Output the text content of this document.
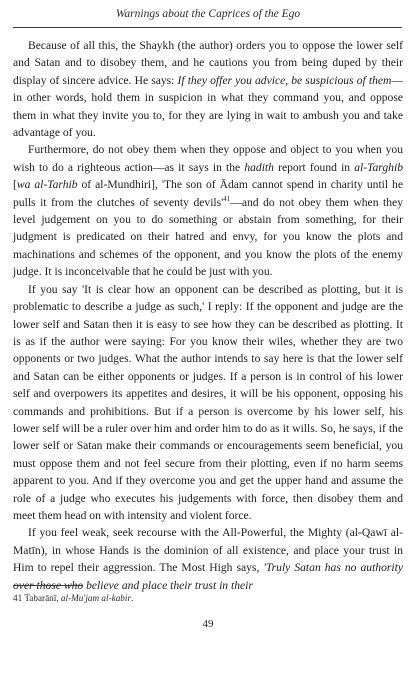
Warnings about the Caprices of the Ego

Because of all this, the Shaykh (the author) orders you to oppose the lower self and Satan and to disobey them, and he cautions you from being duped by their display of sincere advice. He says: If they offer you advice, be suspicious of them—in other words, hold them in suspicion in what they command you, and oppose them in what they invite you to, for they are lying in wait to ambush you and take advantage of you.

Furthermore, do not obey them when they oppose and object to you when you wish to do a righteous action—as it says in the hadith report found in al-Targhib [wa al-Tarhib of al-Mundhiri], 'The son of Ādam cannot spend in charity until he pulls it from the clutches of seventy $devils'^{41}—and$ do not obey them when they level judgement on you to do something or abstain from something, for their judgment is predicated on their hatred and envy, for you know the plots and machinations and schemes of the opponent, and you know the plots of the enemy judge. It is inconceivable that he could be just with you.

If you say 'It is clear how an opponent can be described as plotting, but it is problematic to describe a judge as such,' I reply: If the opponent and judge are the lower self and Satan then it is easy to see how they can be described as plotting. It is as if the author were saying: For you know their wiles, whether they are two opponents or two judges. What the author intends to say here is that the lower self and Satan can be either opponents or judges. If a person is in control of his lower self and overpowers its appetites and desires, it will be his opponent, opposing his commands and prohibitions. But if a person is overcome by his lower self, his lower self will be a ruler over him and order him to do as it wills. So, he says, if the lower self or Satan make their commands or encouragements seem beneficial, you must oppose them and not feel secure from their plotting, even if no harm seems apparent to you. And if they overcome you and get the upper hand and assume the role of a judge who executes his judgements with force, then disobey them and meet them head on with intensity and violent force.

If you feel weak, seek recourse with the All-Powerful, the Mighty (al-Qawī al-Matīn), in whose Hands is the dominion of all existence, and place your trust in Him to repel their aggression. The Most High says, 'Truly Satan has no authority over those who believe and place their trust in their

41 Tabarānī, al-Mu'jam al-kabir.
49
